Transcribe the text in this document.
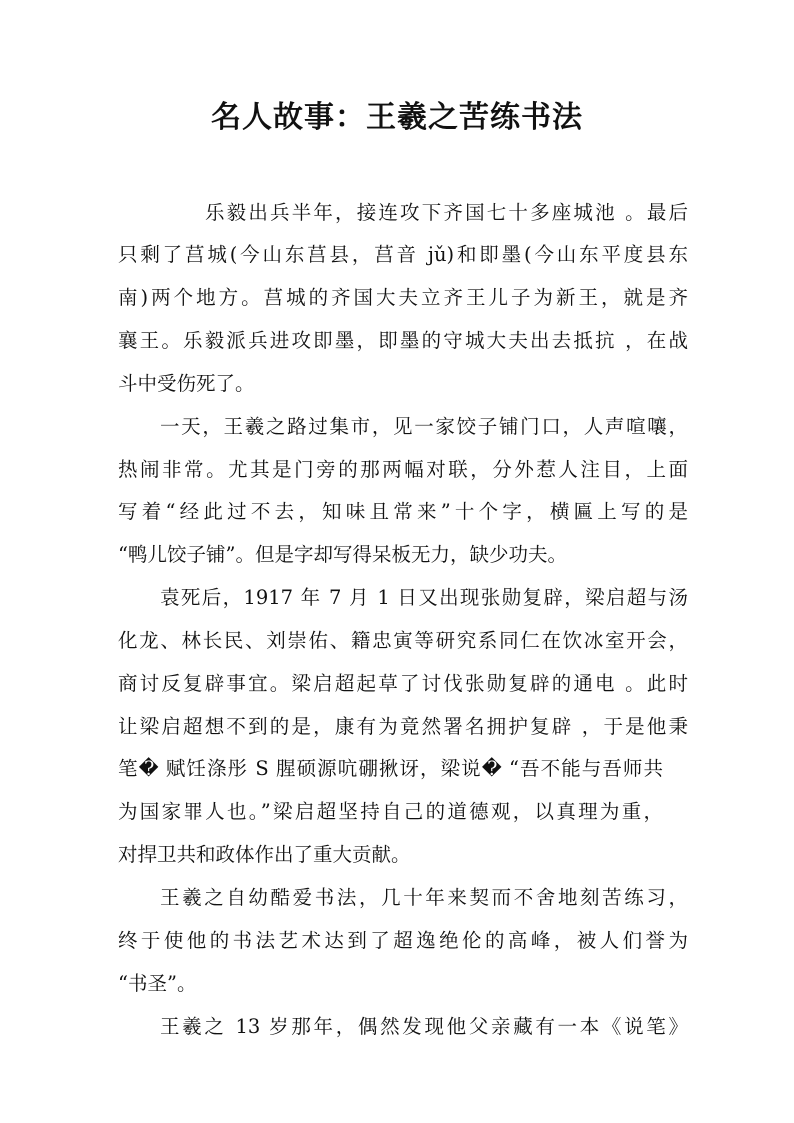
名人故事：王羲之苦练书法
乐毅出兵半年，接连攻下齐国七十多座城池 。最后
只剩了莒城(今山东莒县，莒音 jǔ)和即墨(今山东平度县东
南)两个地方。莒城的齐国大夫立齐王儿子为新王，就是齐
襄王。乐毅派兵进攻即墨，即墨的守城大夫出去抵抗 ，在战
斗中受伤死了。
一天，王羲之路过集市，见一家饺子铺门口，人声喧嚷，
热闹非常。尤其是门旁的那两幅对联，分外惹人注目，上面
写着“经此过不去，知味且常来”十个字，横匾上写的是
“鸭儿饺子铺”。但是字却写得呆板无力，缺少功夫。
袁死后，1917 年 7 月 1 日又出现张勋复辟，梁启超与汤
化龙、林长民、刘崇佑、籍忠寅等研究系同仁在饮冰室开会，
商讨反复辟事宜。梁启超起草了讨伐张勋复辟的通电 。此时
让梁启超想不到的是，康有为竟然署名拥护复辟 ，于是他秉
笔� 赋饪涤彤 S 腥硕源吭硼揪讶，梁说� “吾不能与吾师共
为国家罪人也。”梁启超坚持自己的道德观，以真理为重，
对捍卫共和政体作出了重大贡献。
王羲之自幼酷爱书法，几十年来契而不舍地刻苦练习，
终于使他的书法艺术达到了超逸绝伦的高峰，被人们誉为
“书圣”。
王羲之 13 岁那年，偶然发现他父亲藏有一本《说笔》
